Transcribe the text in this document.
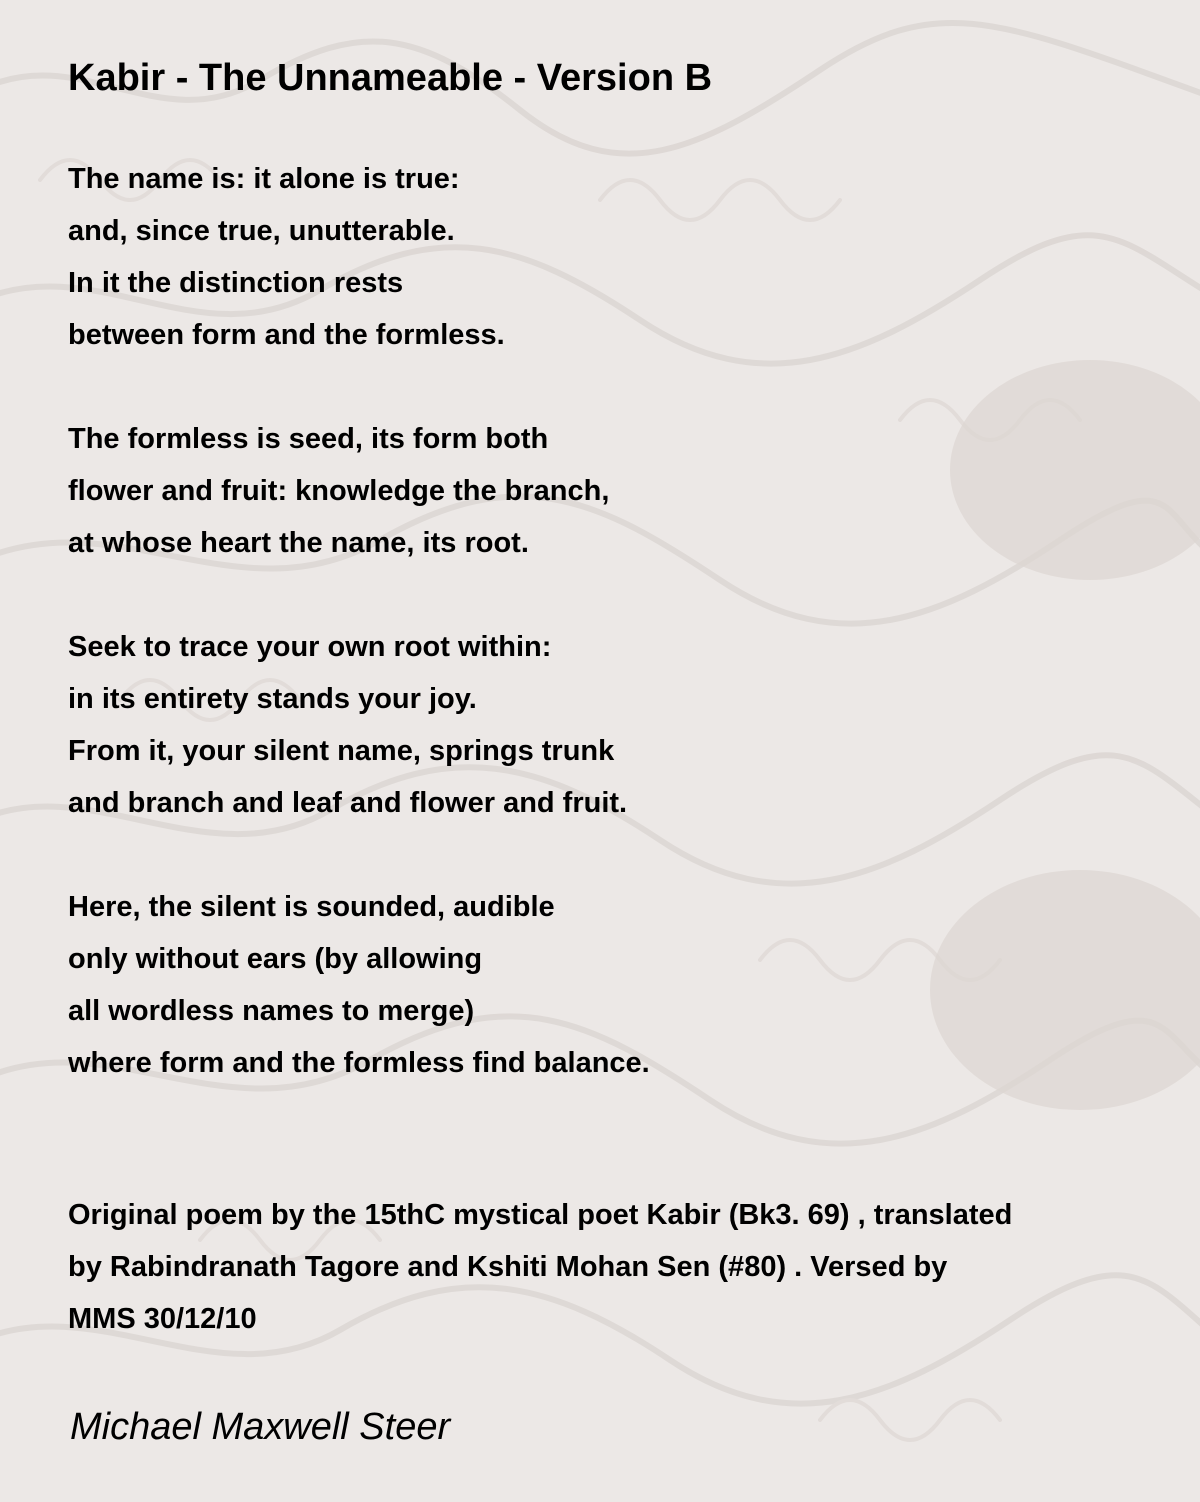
Kabir - The Unnameable - Version B
The name is: it alone is true:
and, since true, unutterable.
In it the distinction rests
between form and the formless.
The formless is seed, its form both
flower and fruit: knowledge the branch,
at whose heart the name, its root.
Seek to trace your own root within:
in its entirety stands your joy.
From it, your silent name, springs trunk
and branch and leaf and flower and fruit.
Here, the silent is sounded, audible
only without ears (by allowing
all wordless names to merge)
where form and the formless find balance.
Original poem by the 15thC mystical poet Kabir (Bk3. 69) , translated
by Rabindranath Tagore and Kshiti Mohan Sen (#80) . Versed by
MMS 30/12/10
Michael Maxwell Steer
